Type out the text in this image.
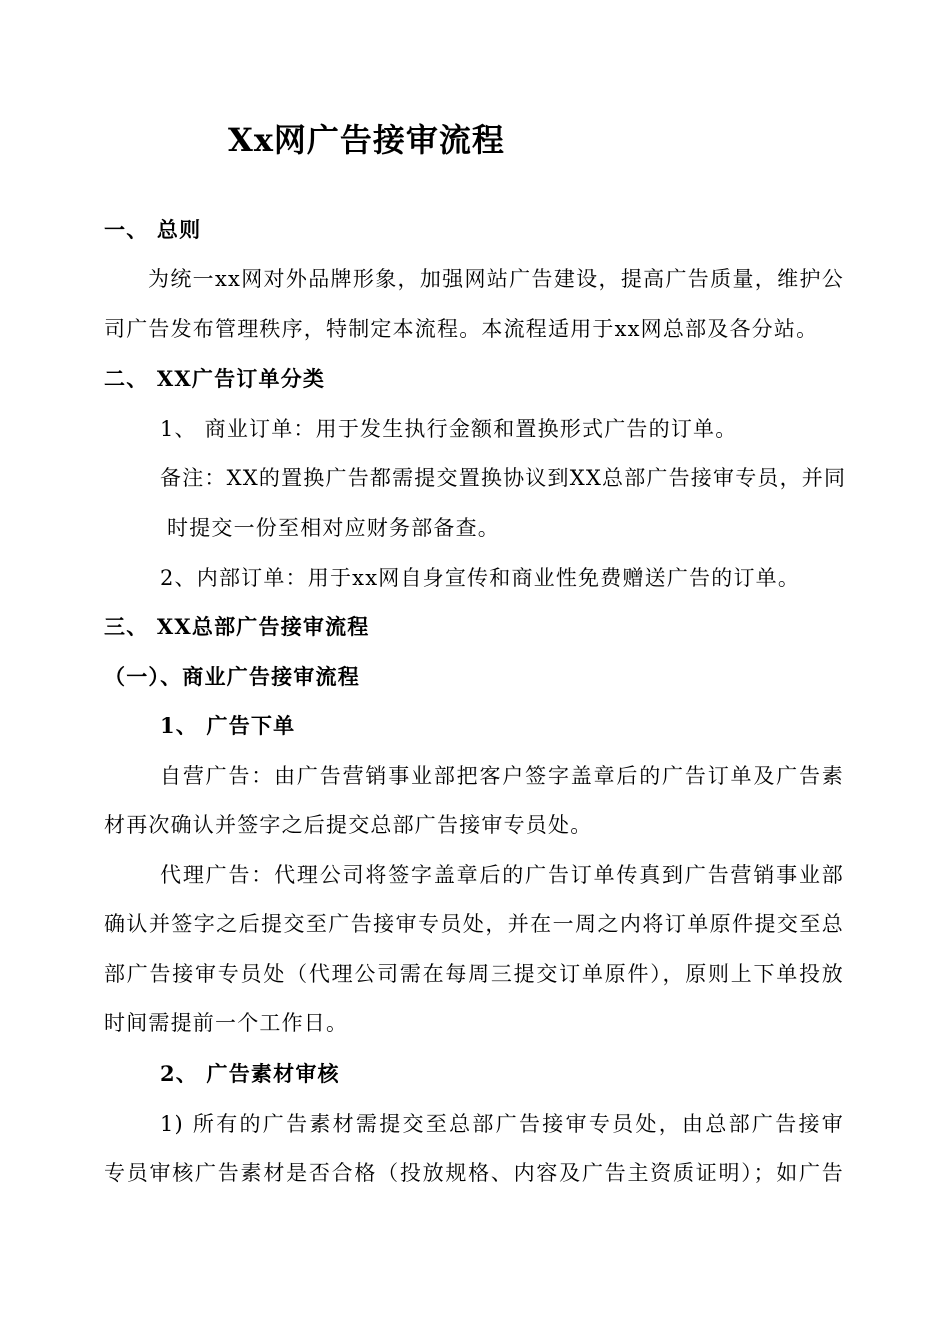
Xx网广告接审流程
一、 总则
为统一xx网对外品牌形象，加强网站广告建设，提高广告质量，维护公
司广告发布管理秩序，特制定本流程。本流程适用于xx网总部及各分站。
二、 XX广告订单分类
1、 商业订单：用于发生执行金额和置换形式广告的订单。
备注：XX的置换广告都需提交置换协议到XX总部广告接审专员，并同
时提交一份至相对应财务部备查。
2、内部订单：用于xx网自身宣传和商业性免费赠送广告的订单。
三、 XX总部广告接审流程
（一）、商业广告接审流程
1、 广告下单
自营广告：由广告营销事业部把客户签字盖章后的广告订单及广告素
材再次确认并签字之后提交总部广告接审专员处。
代理广告：代理公司将签字盖章后的广告订单传真到广告营销事业部
确认并签字之后提交至广告接审专员处，并在一周之内将订单原件提交至总
部广告接审专员处（代理公司需在每周三提交订单原件），原则上下单投放
时间需提前一个工作日。
2、 广告素材审核
1) 所有的广告素材需提交至总部广告接审专员处，由总部广告接审
专员审核广告素材是否合格（投放规格、内容及广告主资质证明）；如广告
